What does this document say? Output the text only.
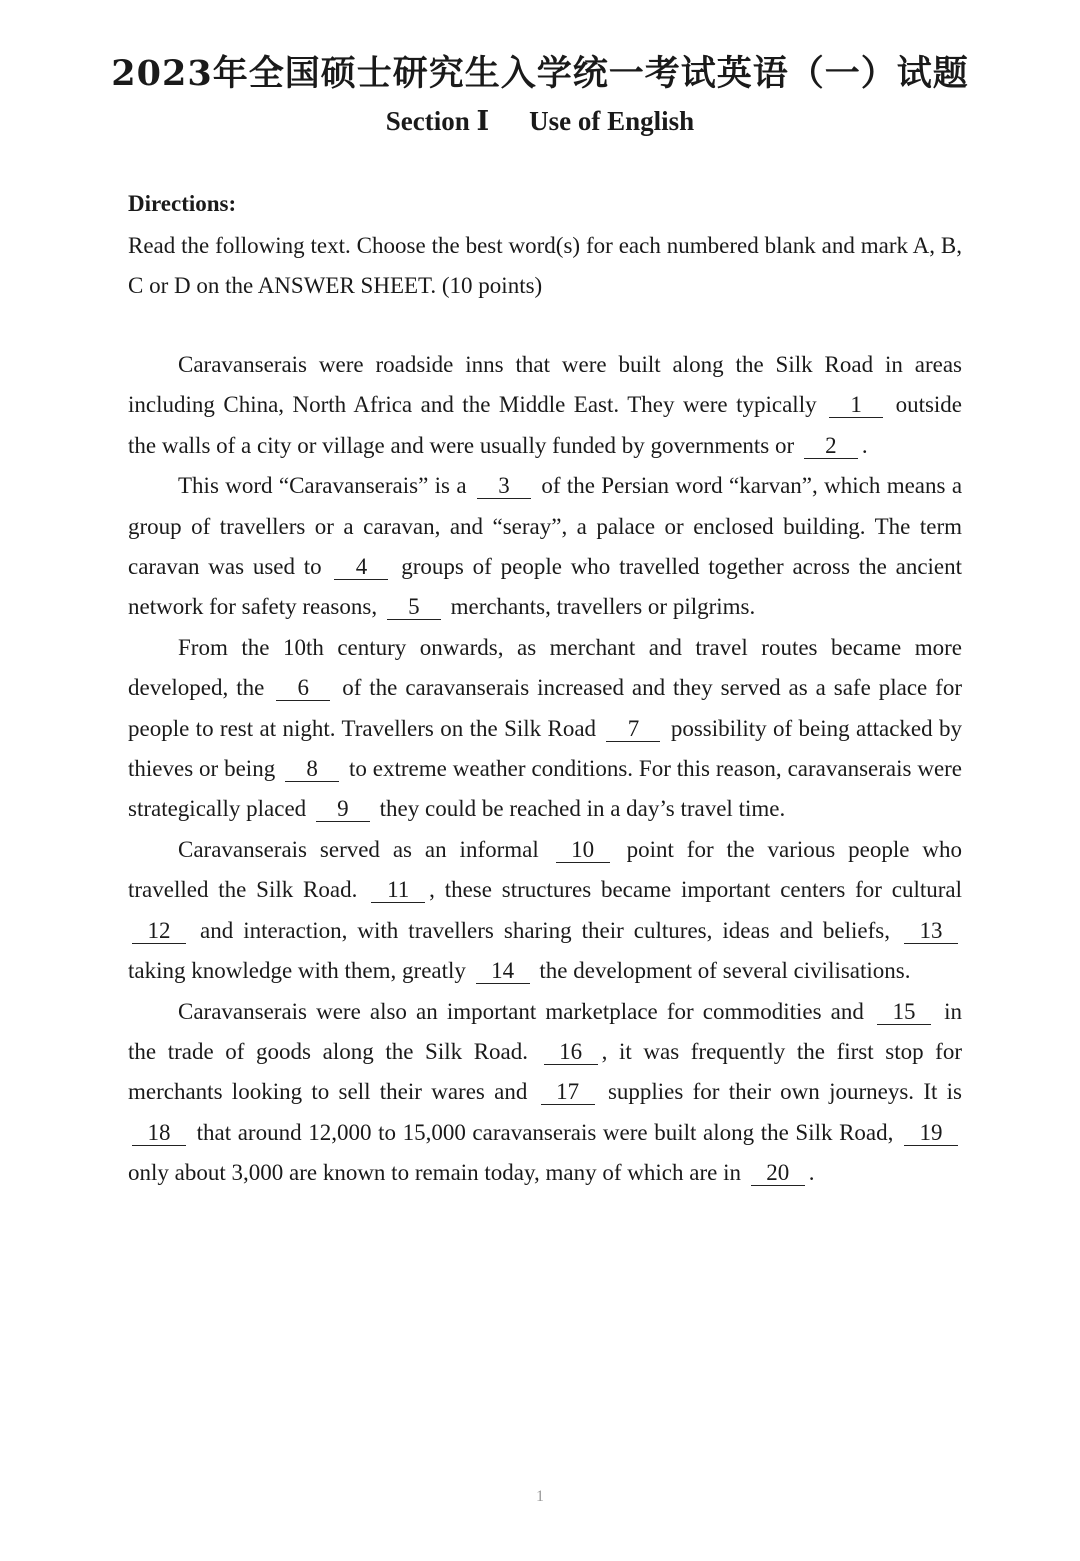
2023年全国硕士研究生入学统一考试英语（一）试题
Section Ⅰ Use of English
Directions:
Read the following text. Choose the best word(s) for each numbered blank and mark A, B, C or D on the ANSWER SHEET. (10 points)

Caravanserais were roadside inns that were built along the Silk Road in areas including China, North Africa and the Middle East. They were typically 1 outside the walls of a city or village and were usually funded by governments or 2 .

This word “Caravanserais” is a 3 of the Persian word “karvan”, which means a group of travellers or a caravan, and “seray”, a palace or enclosed building. The term caravan was used to 4 groups of people who travelled together across the ancient network for safety reasons, 5 merchants, travellers or pilgrims.

From the 10th century onwards, as merchant and travel routes became more developed, the 6 of the caravanserais increased and they served as a safe place for people to rest at night. Travellers on the Silk Road 7 possibility of being attacked by thieves or being 8 to extreme weather conditions. For this reason, caravanserais were strategically placed 9 they could be reached in a day’s travel time.

Caravanserais served as an informal 10 point for the various people who travelled the Silk Road. 11 , these structures became important centers for cultural 12 and interaction, with travellers sharing their cultures, ideas and beliefs, 13 taking knowledge with them, greatly 14 the development of several civilisations.

Caravanserais were also an important marketplace for commodities and 15 in the trade of goods along the Silk Road. 16 , it was frequently the first stop for merchants looking to sell their wares and 17 supplies for their own journeys. It is 18 that around 12,000 to 15,000 caravanserais were built along the Silk Road, 19 only about 3,000 are known to remain today, many of which are in 20 .

1
